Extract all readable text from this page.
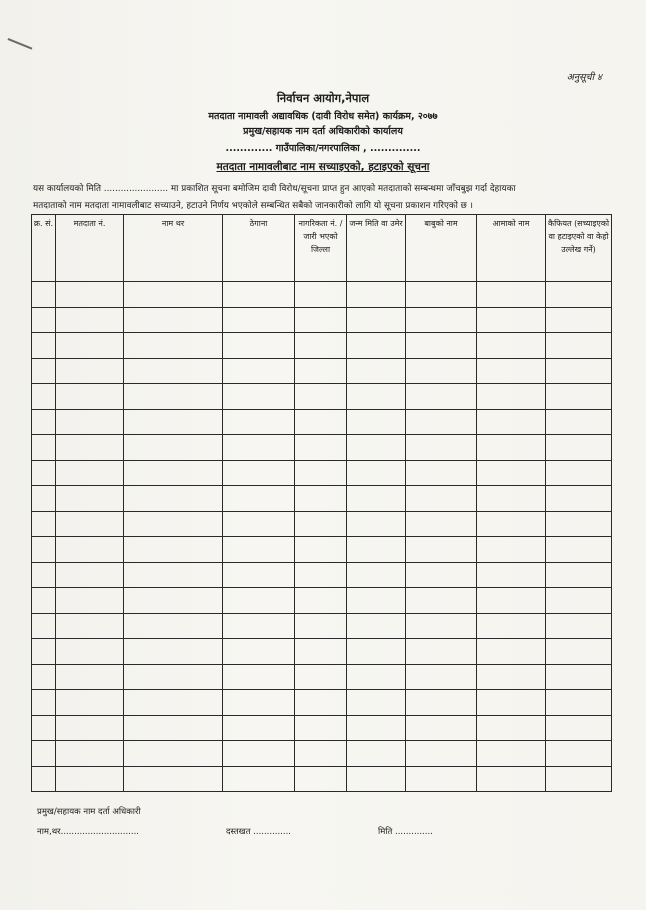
अनुसूची ४
निर्वाचन आयोग,नेपाल
मतदाता नामावली अद्यावधिक (दावी विरोध समेत) कार्यक्रम, २०७७
प्रमुख/सहायक नाम दर्ता अधिकारीको कार्यालय
............. गाउँपालिका/नगरपालिका , ..............
मतदाता नामावलीबाट नाम सच्याइएको, हटाइएको सूचना
यस कार्यालयको मिति ....................... मा प्रकाशित सूचना बमोजिम दावी विरोध/सूचना प्राप्त हुन आएको मतदाताको सम्बन्धमा जाँचबुझ गर्दा देहायका
मतदाताको नाम मतदाता नामावलीबाट सच्याउने, हटाउने निर्णय भएकोले सम्बन्धित सबैको जानकारीको लागि यो सूचना प्रकाशन गरिएको छ ।
क्र. सं.	मतदाता नं.	नाम थर	ठेगाना	नागरिकता नं. / जारी भएको जिल्ला	जन्म मिति वा उमेर	बाबुको नाम	आमाको नाम	कैफियत (सच्याइएको वा हटाइएको वा केहो उल्लेख गर्ने)

प्रमुख/सहायक नाम दर्ता अधिकारी
नाम,थर.............................	दस्तखत ..............	मिति ..............
